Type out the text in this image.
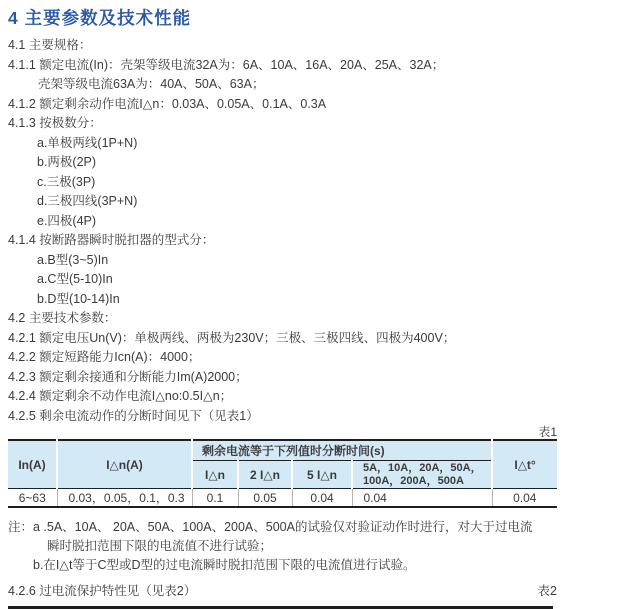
4 主要参数及技术性能

4.1 主要规格：

4.1.1 额定电流(In)：壳架等级电流32A为：6A、10A、16A、20A、25A、32A；

壳架等级电流63A为：40A、50A、63A；

4.1.2 额定剩余动作电流I△n：0.03A、0.05A、0.1A、0.3A

4.1.3 按极数分：

a.单极两线(1P+N)

b.两极(2P)

c.三极(3P)

d.三极四线(3P+N)

e.四极(4P)

4.1.4 按断路器瞬时脱扣器的型式分：

a.B型(3~5)In

a.C型(5-10)In

b.D型(10-14)In

4.2 主要技术参数：

4.2.1 额定电压Un(V)：单极两线、两极为230V；三极、三极四线、四极为400V；

4.2.2 额定短路能力Icn(A)：4000；

4.2.3 额定剩余接通和分断能力Im(A)2000；

4.2.4 额定剩余不动作电流I△no:0.5I△n；

4.2.5 剩余电流动作的分断时间见下（见表1）

表1

In(A)	I△n(A)	剩余电流等于下列值时分断时间(s)				I△t°
		I△n	2 I△n	5 I△n	5A，10A，20A，50A，100A，200A，500A	
6~63	0.03，0.05，0.1，0.3	0.1	0.05	0.04	0.04	0.04

注：a .5A、10A、 20A、50A、100A、200A、500A的试验仅对验证动作时进行，对大于过电流

瞬时脱扣范围下限的电流值不进行试验；

b.在I△t等于C型或D型的过电流瞬时脱扣范围下限的电流值进行试验。

4.2.6 过电流保护特性见（见表2）	表2
